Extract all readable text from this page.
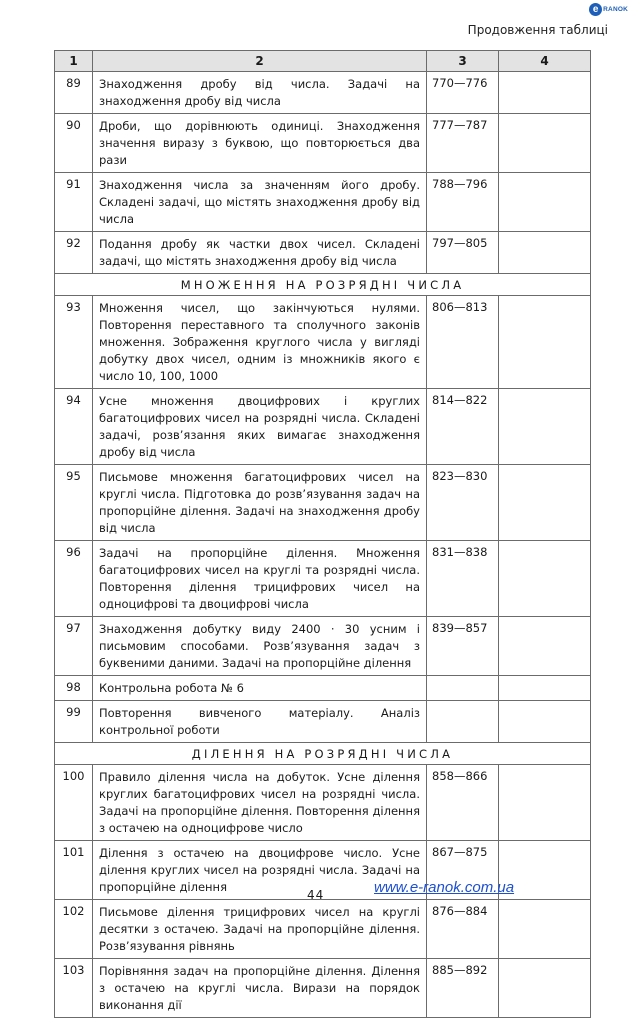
e RANOK
Продовження таблиці
1	2	3	4
89	Знаходження дробу від числа. Задачі на знаходження дробу від числа	770—776	
90	Дроби, що дорівнюють одиниці. Знаходження значення виразу з буквою, що повторюється два рази	777—787	
91	Знаходження числа за значенням його дробу. Складені задачі, що містять знаходження дробу від числа	788—796	
92	Подання дробу як частки двох чисел. Складені задачі, що містять знаходження дробу від числа	797—805	
МНОЖЕННЯ НА РОЗРЯДНІ ЧИСЛА			
93	Множення чисел, що закінчуються нулями. Повторення переставного та сполучного законів множення. Зображення круглого числа у вигляді добутку двох чисел, одним із множників якого є число 10, 100, 1000	806—813	
94	Усне множення двоцифрових і круглих багатоцифрових чисел на розрядні числа. Складені задачі, розв’язання яких вимагає знаходження дробу від числа	814—822	
95	Письмове множення багатоцифрових чисел на круглі числа. Підготовка до розв’язування задач на пропорційне ділення. Задачі на знаходження дробу від числа	823—830	
96	Задачі на пропорційне ділення. Множення багатоцифрових чисел на круглі та розрядні числа. Повторення ділення трицифрових чисел на одноцифрові та двоцифрові числа	831—838	
97	Знаходження добутку виду 2400 · 30 усним і письмовим способами. Розв’язування задач з буквеними даними. Задачі на пропорційне ділення	839—857	
98	Контрольна робота № 6		
99	Повторення вивченого матеріалу. Аналіз контрольної роботи		
ДІЛЕННЯ НА РОЗРЯДНІ ЧИСЛА			
100	Правило ділення числа на добуток. Усне ділення круглих багатоцифрових чисел на розрядні числа. Задачі на пропорційне ділення. Повторення ділення з остачею на одноцифрове число	858—866	
101	Ділення з остачею на двоцифрове число. Усне ділення круглих чисел на розрядні числа. Задачі на пропорційне ділення	867—875	
102	Письмове ділення трицифрових чисел на круглі десятки з остачею. Задачі на пропорційне ділення. Розв’язування рівнянь	876—884	
103	Порівняння задач на пропорційне ділення. Ділення з остачею на круглі числа. Вирази на порядок виконання дії	885—892	
44	www.e-ranok.com.ua
